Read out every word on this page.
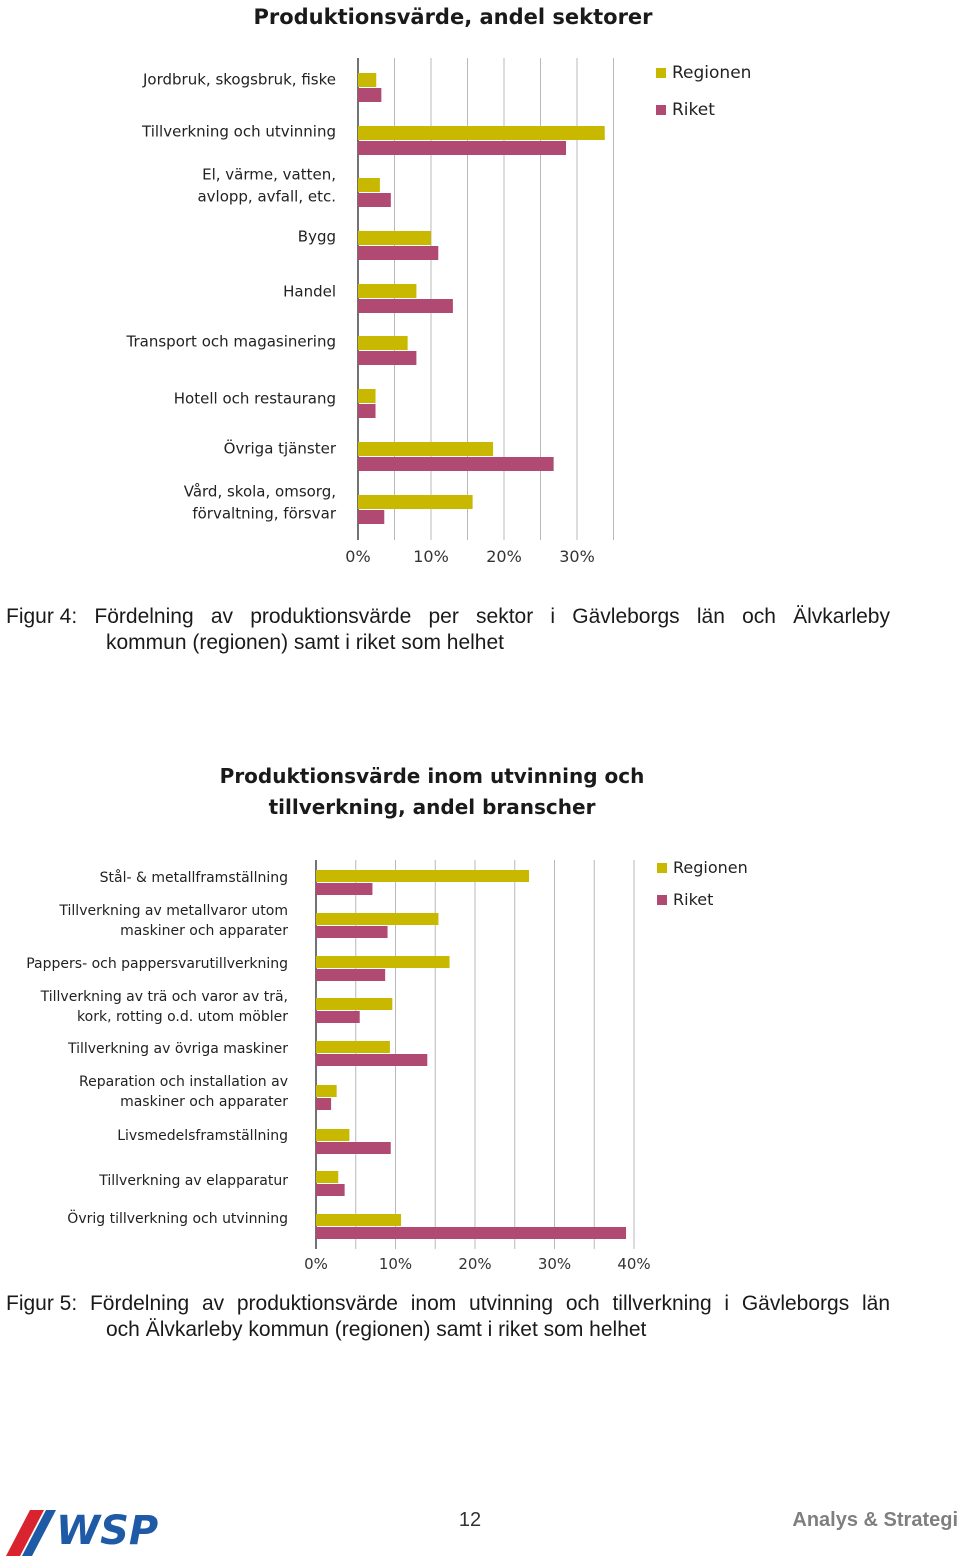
Produktionsvärde, andel sektorer
0%	10% 20% 30%
Jordbruk, skogsbruk, fiske
Tillverkning och utvinning
El, värme, vatten,
avlopp, avfall, etc.
Bygg
Handel
Transport och magasinering
Hotell och restaurang
Övriga tjänster
Vård, skola, omsorg,
förvaltning, försvar
Regionen
Riket
Figur 4: Fördelning av produktionsvärde per sektor i Gävleborgs län och Älvkarleby
kommun (regionen) samt i riket som helhet
Produktionsvärde inom utvinning och
tillverkning, andel branscher
0%	10%	20%	30%	40%
Stål- & metallframställning
Tillverkning av metallvaror utom
maskiner och apparater
Pappers- och pappersvarutillverkning
Tillverkning av trä och varor av trä,
kork, rotting o.d. utom möbler
Tillverkning av övriga maskiner
Reparation och installation av
maskiner och apparater
Livsmedelsframställning
Tillverkning av elapparatur
Övrig tillverkning och utvinning
Regionen
Riket
Figur 5: Fördelning av produktionsvärde inom utvinning och tillverkning i Gävleborgs län
och Älvkarleby kommun (regionen) samt i riket som helhet
WSP	12	Analys & Strategi
